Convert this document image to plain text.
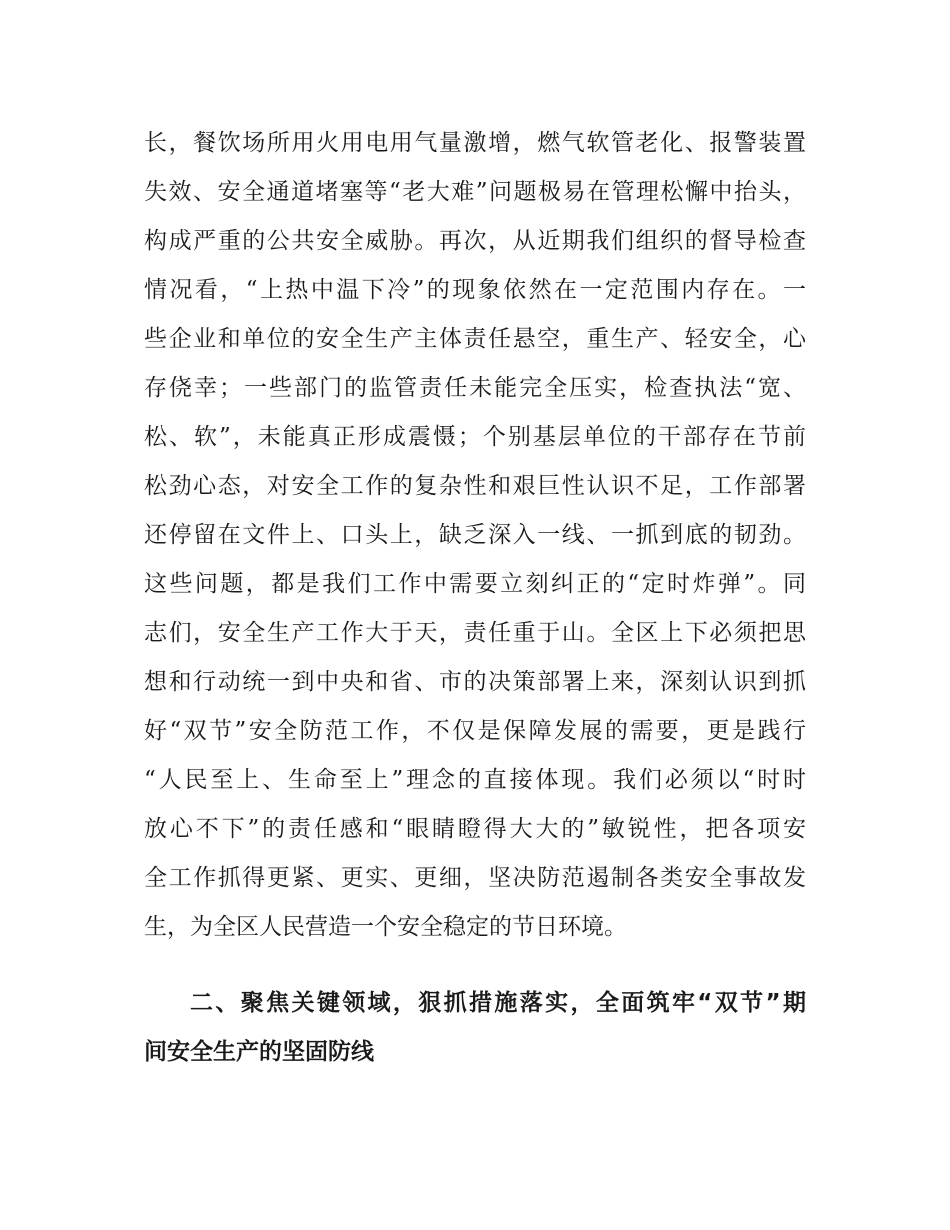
长，餐饮场所用火用电用气量激增，燃气软管老化、报警装置
失效、安全通道堵塞等“老大难”问题极易在管理松懈中抬头，
构成严重的公共安全威胁。再次，从近期我们组织的督导检查
情况看，“上热中温下冷”的现象依然在一定范围内存在。一
些企业和单位的安全生产主体责任悬空，重生产、轻安全，心
存侥幸；一些部门的监管责任未能完全压实，检查执法“宽、
松、软”，未能真正形成震慑；个别基层单位的干部存在节前
松劲心态，对安全工作的复杂性和艰巨性认识不足，工作部署
还停留在文件上、口头上，缺乏深入一线、一抓到底的韧劲。
这些问题，都是我们工作中需要立刻纠正的“定时炸弹”。同
志们，安全生产工作大于天，责任重于山。全区上下必须把思
想和行动统一到中央和省、市的决策部署上来，深刻认识到抓
好“双节”安全防范工作，不仅是保障发展的需要，更是践行
“人民至上、生命至上”理念的直接体现。我们必须以“时时
放心不下”的责任感和“眼睛瞪得大大的”敏锐性，把各项安
全工作抓得更紧、更实、更细，坚决防范遏制各类安全事故发
生，为全区人民营造一个安全稳定的节日环境。
二、聚焦关键领域，狠抓措施落实，全面筑牢“双节”期
间安全生产的坚固防线
